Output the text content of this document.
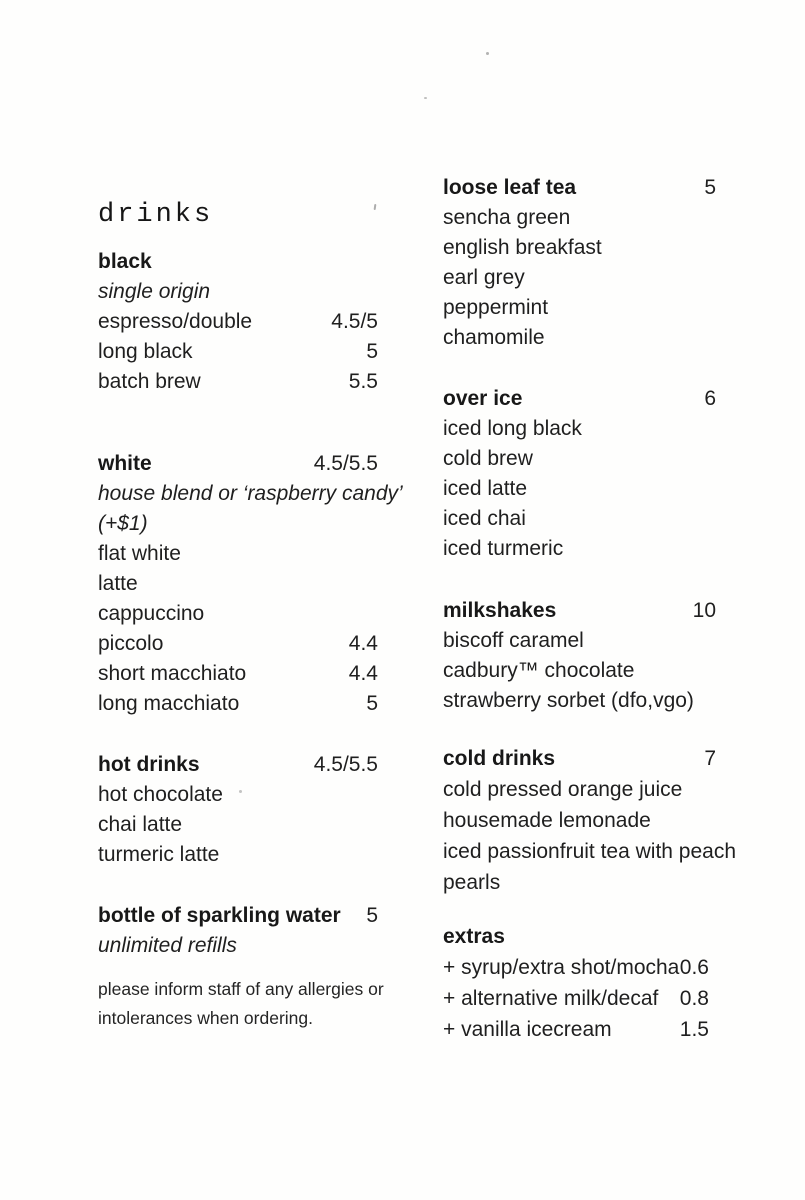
drinks
black
single origin
espresso/double	4.5/5
long black	5
batch brew	5.5
white	4.5/5.5
house blend or ‘raspberry candy’
(+$1)
flat white
latte
cappuccino
piccolo	4.4
short macchiato	4.4
long macchiato	5
hot drinks	4.5/5.5
hot chocolate
chai latte
turmeric latte
bottle of sparkling water 5
unlimited refills
please inform staff of any allergies or
intolerances when ordering.
loose leaf tea	5
sencha green
english breakfast
earl grey
peppermint
chamomile
over ice	6
iced long black
cold brew
iced latte
iced chai
iced turmeric
milkshakes	10
biscoff caramel
cadbury™ chocolate
strawberry sorbet (dfo,vgo)
cold drinks	7
cold pressed orange juice
housemade lemonade
iced passionfruit tea with peach
pearls
extras
+ syrup/extra shot/mocha 0.6
+ alternative milk/decaf 0.8
+ vanilla icecream	1.5
